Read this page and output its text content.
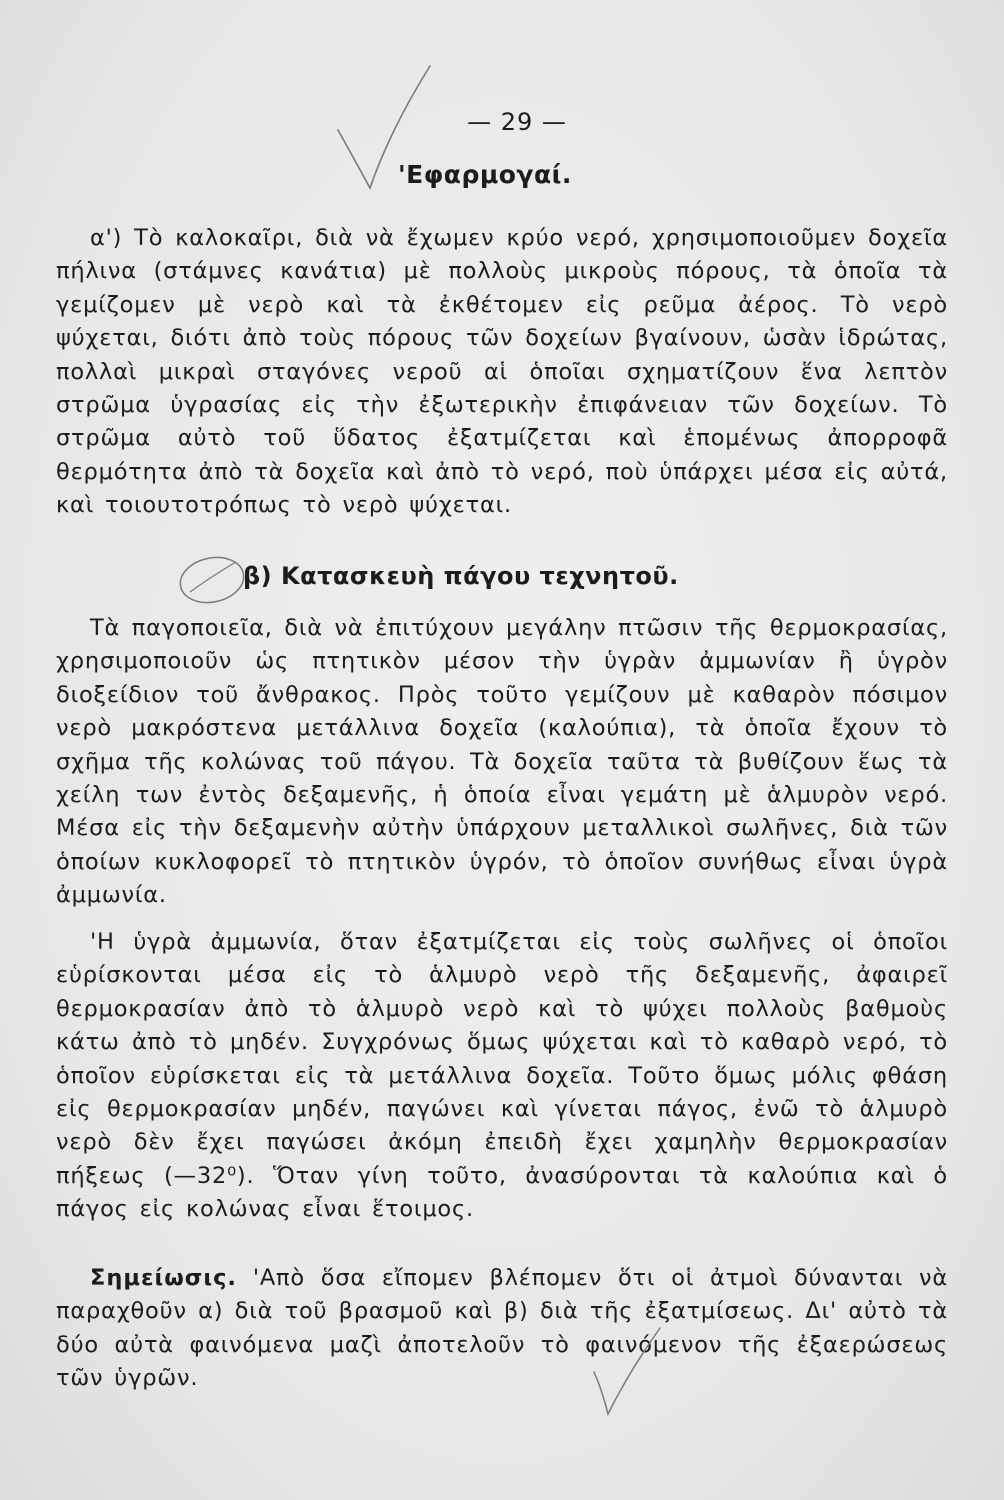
— 29 —
'Εφαρμογαί.
α') Τὸ καλοκαῖρι, διὰ νὰ ἔχωμεν κρύο νερό, χρησιμοποιοῦμεν δοχεῖα πήλινα (στάμνες κανάτια) μὲ πολλοὺς μικροὺς πόρους, τὰ ὁποῖα τὰ γεμίζομεν μὲ νερὸ καὶ τὰ ἐκθέτομεν εἰς ρεῦμα ἀέρος. Τὸ νερὸ ψύχεται, διότι ἀπὸ τοὺς πόρους τῶν δοχείων βγαίνουν, ὡσὰν ἱδρώτας, πολλαὶ μικραὶ σταγόνες νεροῦ αἱ ὁποῖαι σχηματίζουν ἕνα λεπτὸν στρῶμα ὑγρασίας εἰς τὴν ἐξωτερικὴν ἐπιφάνειαν τῶν δοχείων. Τὸ στρῶμα αὐτὸ τοῦ ὕδατος ἐξατμίζεται καὶ ἑπομένως ἀπορροφᾶ θερμότητα ἀπὸ τὰ δοχεῖα καὶ ἀπὸ τὸ νερό, ποὺ ὑπάρχει μέσα εἰς αὐτά, καὶ τοιουτοτρόπως τὸ νερὸ ψύχεται.
β) Κατασκευὴ πάγου τεχνητοῦ.
Τὰ παγοποιεῖα, διὰ νὰ ἐπιτύχουν μεγάλην πτῶσιν τῆς θερμοκρασίας, χρησιμοποιοῦν ὡς πτητικὸν μέσον τὴν ὑγρὰν ἀμμωνίαν ἢ ὑγρὸν διοξείδιον τοῦ ἄνθρακος. Πρὸς τοῦτο γεμίζουν μὲ καθαρὸν πόσιμον νερὸ μακρόστενα μετάλλινα δοχεῖα (καλούπια), τὰ ὁποῖα ἔχουν τὸ σχῆμα τῆς κολώνας τοῦ πάγου. Τὰ δοχεῖα ταῦτα τὰ βυθίζουν ἕως τὰ χείλη των ἐντὸς δεξαμενῆς, ἡ ὁποία εἶναι γεμάτη μὲ ἁλμυρὸν νερό. Μέσα εἰς τὴν δεξαμενὴν αὐτὴν ὑπάρχουν μεταλλικοὶ σωλῆνες, διὰ τῶν ὁποίων κυκλοφορεῖ τὸ πτητικὸν ὑγρόν, τὸ ὁποῖον συνήθως εἶναι ὑγρὰ ἀμμωνία.
'Η ὑγρὰ ἀμμωνία, ὅταν ἐξατμίζεται εἰς τοὺς σωλῆνες οἱ ὁποῖοι εὑρίσκονται μέσα εἰς τὸ ἁλμυρὸ νερὸ τῆς δεξαμενῆς, ἀφαιρεῖ θερμοκρασίαν ἀπὸ τὸ ἁλμυρὸ νερὸ καὶ τὸ ψύχει πολλοὺς βαθμοὺς κάτω ἀπὸ τὸ μηδέν. Συγχρόνως ὅμως ψύχεται καὶ τὸ καθαρὸ νερό, τὸ ὁποῖον εὑρίσκεται εἰς τὰ μετάλλινα δοχεῖα. Τοῦτο ὅμως μόλις φθάση εἰς θερμοκρασίαν μηδέν, παγώνει καὶ γίνεται πάγος, ἐνῶ τὸ ἁλμυρὸ νερὸ δὲν ἔχει παγώσει ἀκόμη ἐπειδὴ ἔχει χαμηλὴν θερμοκρασίαν πήξεως (—32⁰). Ὅταν γίνη τοῦτο, ἀνασύρονται τὰ καλούπια καὶ ὁ πάγος εἰς κολώνας εἶναι ἕτοιμος.
Σημείωσις. 'Απὸ ὅσα εἴπομεν βλέπομεν ὅτι οἱ ἀτμοὶ δύνανται νὰ παραχθοῦν α) διὰ τοῦ βρασμοῦ καὶ β) διὰ τῆς ἐξατμίσεως. Δι' αὐτὸ τὰ δύο αὐτὰ φαινόμενα μαζὶ ἀποτελοῦν τὸ φαινόμενον τῆς ἐξαερώσεως τῶν ὑγρῶν.
